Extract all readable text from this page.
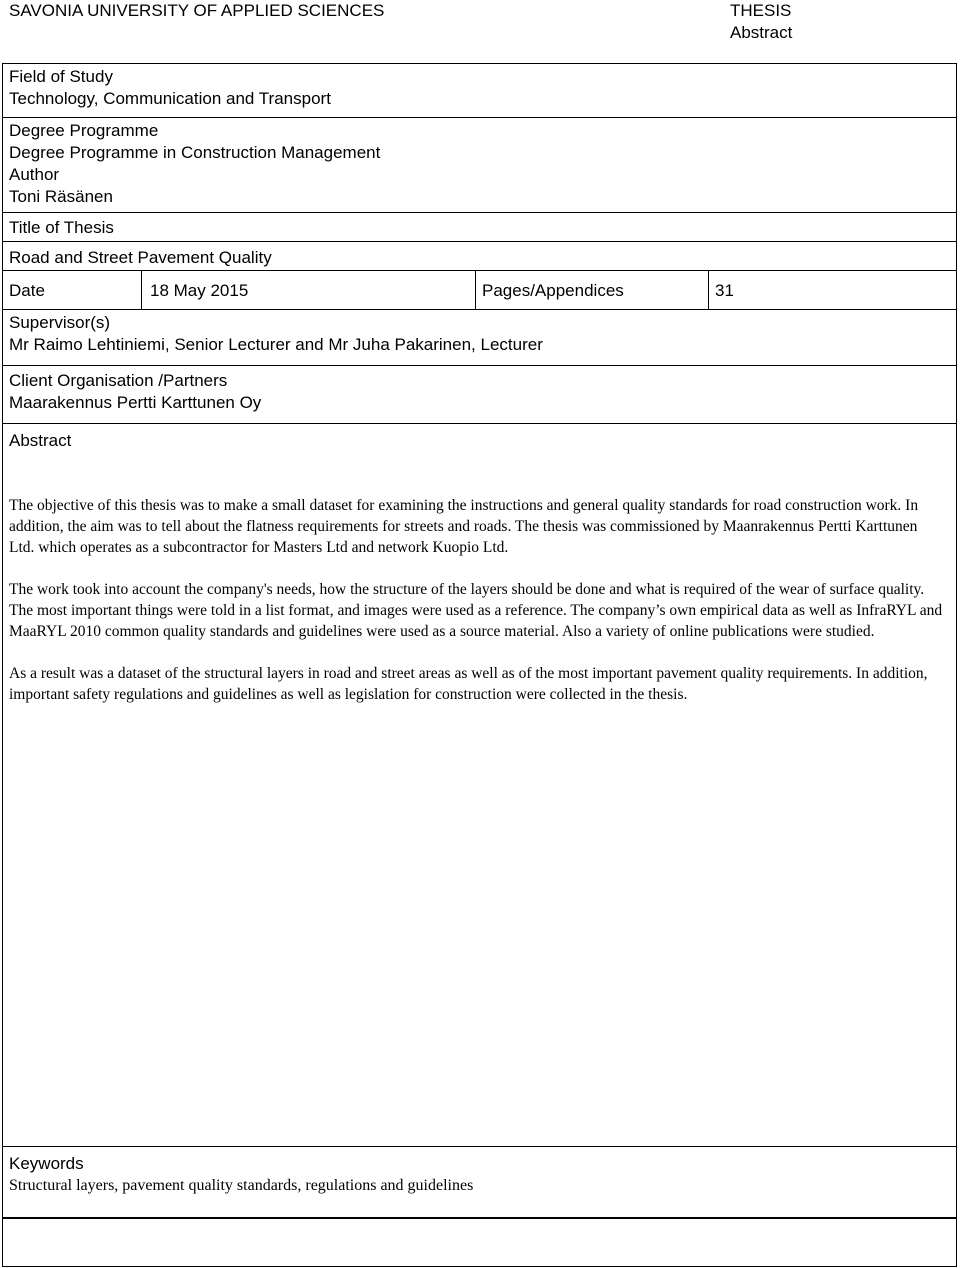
SAVONIA UNIVERSITY OF APPLIED SCIENCES	THESIS
Abstract
Field of Study
Technology, Communication and Transport
Degree Programme
Degree Programme in Construction Management
Author
Toni Räsänen
Title of Thesis
Road and Street Pavement Quality
Date	18 May 2015	Pages/Appendices	31
Supervisor(s)
Mr Raimo Lehtiniemi, Senior Lecturer and Mr Juha Pakarinen, Lecturer
Client Organisation /Partners
Maarakennus Pertti Karttunen Oy
Abstract

The objective of this thesis was to make a small dataset for examining the instructions and general quality standards for road construction work. In addition, the aim was to tell about the flatness requirements for streets and roads. The thesis was commissioned by Maanrakennus Pertti Karttunen Ltd. which operates as a subcontractor for Masters Ltd and network Kuopio Ltd.

The work took into account the company's needs, how the structure of the layers should be done and what is required of the wear of surface quality. The most important things were told in a list format, and images were used as a reference. The company’s own empirical data as well as InfraRYL and MaaRYL 2010 common quality standards and guidelines were used as a source material. Also a variety of online publications were studied.

As a result was a dataset of the structural layers in road and street areas as well as of the most important pavement quality requirements. In addition, important safety regulations and guidelines as well as legislation for construction were collected in the thesis.

Keywords
Structural layers, pavement quality standards, regulations and guidelines
